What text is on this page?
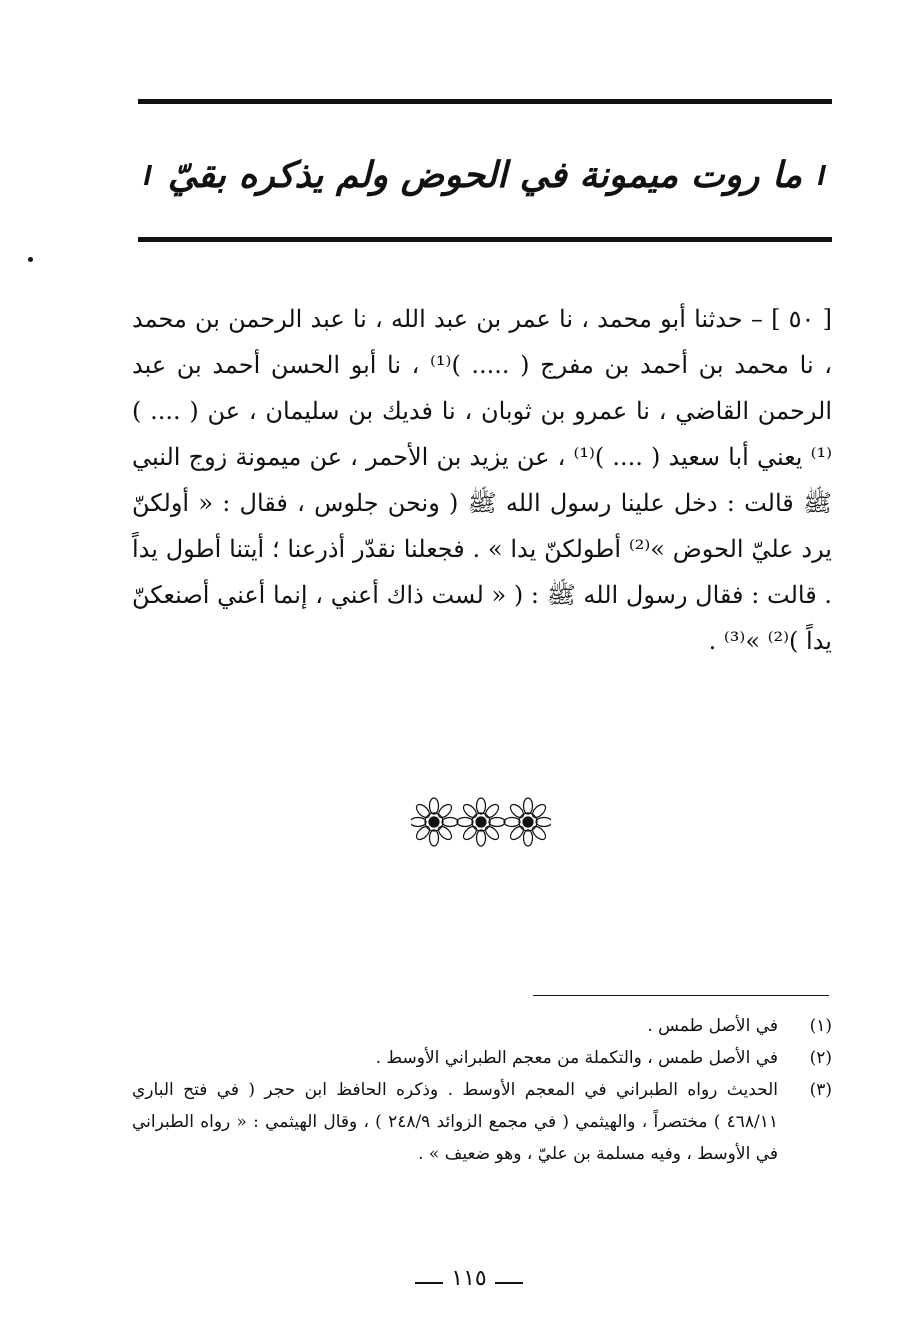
ما روت ميمونة في الحوض ولم يذكره بقيّ
[ ٥٠ ] – حدثنا أبو محمد ، نا عمر بن عبد الله ، نا عبد الرحمن بن محمد ، نا محمد بن أحمد بن مفرج ( ..... )⁽¹⁾ ، نا أبو الحسن أحمد بن عبد الرحمن القاضي ، نا عمرو بن ثوبان ، نا فديك بن سليمان ، عن ( .... )⁽¹⁾ يعني أبا سعيد ( .... )⁽¹⁾ ، عن يزيد بن الأحمر ، عن ميمونة زوج النبي ﷺ قالت : دخل علينا رسول الله ﷺ ( ونحن جلوس ، فقال : « أولكنّ يرد عليّ الحوض »⁽²⁾ أطولكنّ يدا » . فجعلنا نقدّر أذرعنا ؛ أيتنا أطول يداً . قالت : فقال رسول الله ﷺ : ( « لست ذاك أعني ، إنما أعني أصنعكنّ يداً )⁽²⁾ »⁽³⁾ .
(١)
في الأصل طمس .
(٢)
في الأصل طمس ، والتكملة من معجم الطبراني الأوسط .
(٣)
الحديث رواه الطبراني في المعجم الأوسط . وذكره الحافظ ابن حجر ( في فتح الباري ٤٦٨/١١ ) مختصراً ، والهيثمي ( في مجمع الزوائد ٢٤٨/٩ ) ، وقال الهيثمي : « رواه الطبراني في الأوسط ، وفيه مسلمة بن عليّ ، وهو ضعيف » .
١١٥
